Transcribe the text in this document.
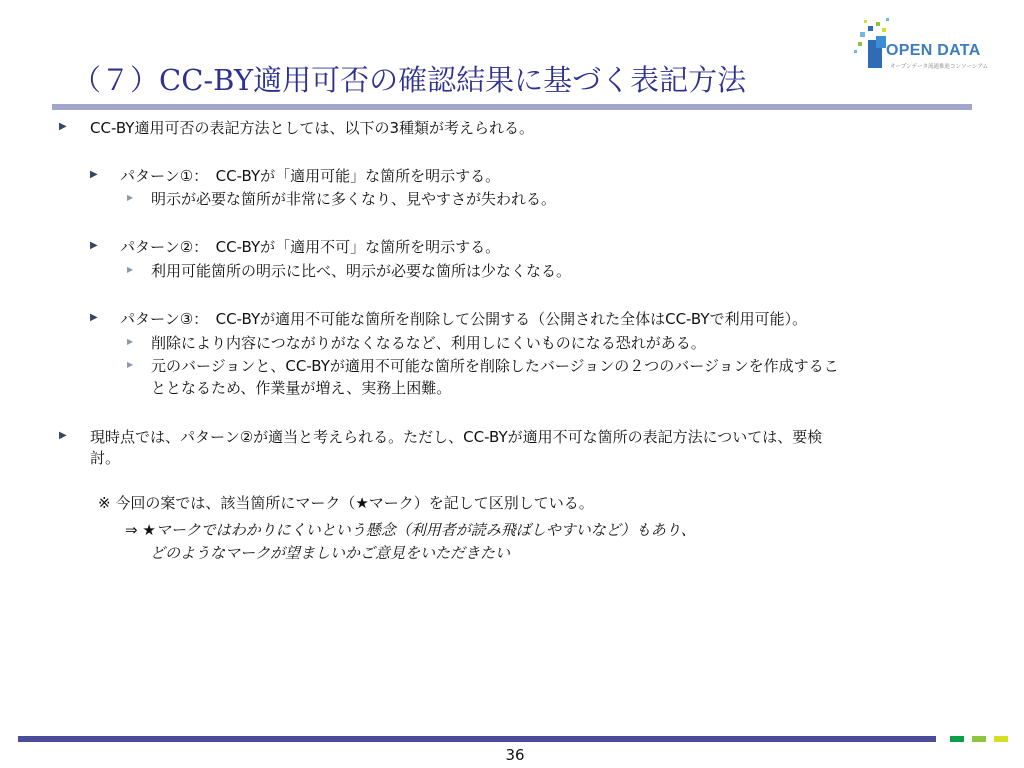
（７）CC-BY適用可否の確認結果に基づく表記方法
OPEN DATA
オープンデータ流通推進コンソーシアム
▶ CC-BY適用可否の表記方法としては、以下の3種類が考えられる。
▶ パターン①：　CC-BYが「適用可能」な箇所を明示する。
▶ 明示が必要な箇所が非常に多くなり、見やすさが失われる。
▶ パターン②：　CC-BYが「適用不可」な箇所を明示する。
▶ 利用可能箇所の明示に比べ、明示が必要な箇所は少なくなる。
▶ パターン③：　CC-BYが適用不可能な箇所を削除して公開する（公開された全体はCC-BYで利用可能）。
▶ 削除により内容につながりがなくなるなど、利用しにくいものになる恐れがある。
▶ 元のバージョンと、CC-BYが適用不可能な箇所を削除したバージョンの２つのバージョンを作成するこ
ととなるため、作業量が増え、実務上困難。
▶ 現時点では、パターン②が適当と考えられる。ただし、CC-BYが適用不可な箇所の表記方法については、要検
討。
※ 今回の案では、該当箇所にマーク（★マーク）を記して区別している。
⇒ ★マークではわかりにくいという懸念（利用者が読み飛ばしやすいなど）もあり、
どのようなマークが望ましいかご意見をいただきたい
36
